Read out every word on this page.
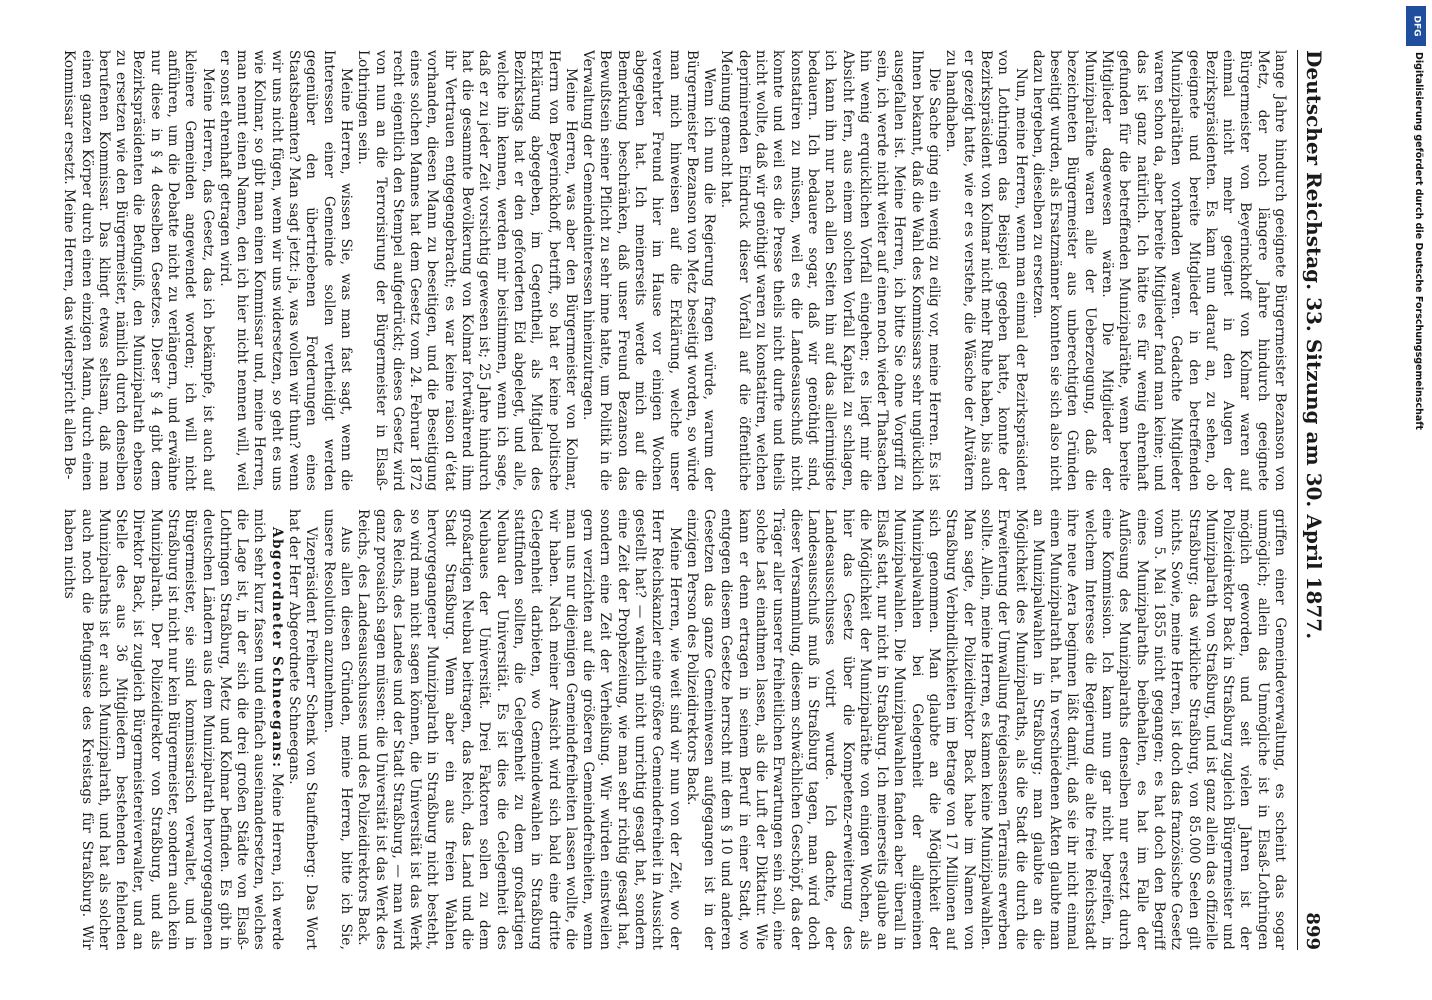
Deutscher Reichstag. 33. Sitzung am 30. April 1877.
899

lange Jahre hindurch geeignete Bürgermeister Bezanson von Metz, der noch längere Jahre hindurch geeignete Bürgermeister von Beyerinckhoff von Kolmar waren auf einmal nicht mehr geeignet in den Augen der Bezirkspräsidenten. Es kam nun darauf an, zu sehen, ob geeignete und bereite Mitglieder in den betreffenden Munizipalräthen vorhanden waren. Gedachte Mitglieder waren schon da, aber bereite Mitglieder fand man keine; und das ist ganz natürlich. Ich hätte es für wenig ehrenhaft gefunden für die betreffenden Munizipalräthe, wenn bereite Mitglieder dagewesen wären. Die Mitglieder der Munizipalräthe waren alle der Ueberzeugung, daß die bezeichneten Bürgermeister aus unberechtigten Gründen beseitigt wurden, als Ersatzmänner konnten sie sich also nicht dazu hergeben, dieselben zu ersetzen.

Nun, meine Herren, wenn man einmal der Bezirkspräsident von Lothringen das Beispiel gegeben hatte, konnte der Bezirkspräsident von Kolmar nicht mehr Ruhe haben, bis auch er gezeigt hatte, wie er es verstehe, die Wäsche der Altvätern zu handhaben.

Die Sache ging ein wenig zu eilig vor, meine Herren. Es ist Ihnen bekannt, daß die Wahl des Kommissars sehr unglücklich ausgefallen ist. Meine Herren, ich bitte Sie ohne Vorgriff zu sein, ich werde nicht weiter auf einen noch wieder Thatsachen hin wenig erquicklichen Vorfall eingehen; es liegt mir die Absicht fern, aus einem solchen Vorfall Kapital zu schlagen, ich kann ihn nur nach allen Seiten hin auf das allerinnigste bedauern. Ich bedauere sogar, daß wir genöthigt sind, konstatiren zu müssen, weil es die Landesausschuß nicht konnte und weil es die Presse theils nicht durfte und theils nicht wollte, daß wir genöthigt waren zu konstatiren, welchen deprimirenden Eindruck dieser Vorfall auf die öffentliche Meinung gemacht hat.

Wenn ich nun die Regierung fragen würde, warum der Bürgermeister Bezanson von Metz beseitigt worden, so würde man mich hinweisen auf die Erklärung, welche unser verehrter Freund hier im Hause vor einigen Wochen abgegeben hat. Ich meinerseits werde mich auf die Bemerkung beschränken, daß unser Freund Bezanson das Bewußtsein seiner Pflicht zu sehr inne hatte, um Politik in die Verwaltung der Gemeindeinteressen hineinzutragen.

Meine Herren, was aber den Bürgermeister von Kolmar, Herrn von Beyerinckhoff, betrifft, so hat er keine politische Erklärung abgegeben, im Gegentheil, als Mitglied des Bezirkstags hat er den geforderten Eid abgelegt, und alle, welche ihn kennen, werden mir beistimmen, wenn ich sage, daß er zu jeder Zeit vorsichtig gewesen ist; 25 Jahre hindurch hat die gesammte Bevölkerung von Kolmar fortwährend ihm ihr Vertrauen entgegengebracht; es war keine raison d'état vorhanden, diesen Mann zu beseitigen, und die Beseitigung eines solchen Mannes hat dem Gesetz vom 24. Februar 1872 recht eigentlich den Stempel aufgedrückt; dieses Gesetz wird von nun an die Terrorisirung der Bürgermeister in Elsaß-Lothringen sein.

Meine Herren, wissen Sie, was man fast sagt, wenn die Interessen einer Gemeinde sollen vertheidigt werden gegenüber den übertriebenen Forderungen eines Staatsbeamten? Man sagt jetzt: ja, was wollen wir thun? wenn wir uns nicht fügen, wenn wir uns widersetzen, so geht es uns wie Kolmar, so gibt man einen Kommissar und, meine Herren, man nennt einen Namen, den ich hier nicht nennen will, weil er sonst ehrenhaft getragen wird.

Meine Herren, das Gesetz, das ich bekämpfe, ist auch auf kleinere Gemeinden angewendet worden; ich will nicht anführen, um die Debatte nicht zu verlängern, und erwähne nur diese in § 4 desselben Gesetzes. Dieser § 4 gibt dem Bezirkspräsidenten die Befugniß, den Munizipalrath ebenso zu ersetzen wie den Bürgermeister, nämlich durch denselben berufenen Kommissar. Das klingt etwas seltsam, daß man einen ganzen Körper durch einen einzigen Mann, durch einen Kommissar ersetzt. Meine Herren, das widerspricht allen Be-

griffen einer Gemeindeverwaltung, es scheint das sogar unmöglich; allein das Unmögliche ist in Elsaß-Lothringen möglich geworden, und seit vielen Jahren ist der Polizeidirektor Back in Straßburg zugleich Bürgermeister und Munizipalrath von Straßburg, und ist ganz allein das offizielle Straßburg; das wirkliche Straßburg, von 85.000 Seelen gilt nichts. Sowie, meine Herren, ist doch das französische Gesetz vom 5. Mai 1855 nicht gegangen; es hat doch den Begriff eines Munizipalraths beibehalten, es hat im Falle der Auflösung des Munizipalraths denselben nur ersetzt durch eine Kommission. Ich kann nun gar nicht begreifen, in welchem Interesse die Regierung die alte freie Reichsstadt ihre neue Aera beginnen läßt damit, daß sie ihr nicht einmal einen Munizipalrath hat. In verschiedenen Akten glaubte man an Munizipalwahlen in Straßburg; man glaubte an die Möglichkeit des Munizipalraths, als die Stadt die durch die Erweiterung der Umwallung freigelassenen Terrains erwerben sollte. Allein, meine Herren, es kamen keine Munizipalwahlen. Man sagte, der Polizeidirektor Back habe im Namen von Straßburg Verbindlichkeiten im Betrage von 17 Millionen auf sich genommen. Man glaubte an die Möglichkeit der Munizipalwahlen bei Gelegenheit der allgemeinen Munizipalwahlen. Die Munizipalwahlen fanden aber überall in Elsaß statt, nur nicht in Straßburg. Ich meinerseits glaube an die Möglichkeit der Munizipalräthe von einigen Wochen, als hier das Gesetz über die Kompetenz-erweiterung des Landesausschusses votirt wurde. Ich dachte, der Landesausschuß muß in Straßburg tagen, man wird doch dieser Versammlung, diesem schwächlichen Geschöpf, das der Träger aller unserer freiheitlichen Erwartungen sein soll, eine solche Last einathmen lassen, als die Luft der Diktatur. Wie kann er denn ertragen in seinem Beruf in einer Stadt, wo entgegen diesem Gesetze herrscht mit dem § 10 und anderen Gesetzen das ganze Gemeinwesen aufgegangen ist in der einzigen Person des Polizeidirektors Back.

Meine Herren, wie weit sind wir nun von der Zeit, wo der Herr Reichskanzler eine größere Gemeindefreiheit in Aussicht gestellt hat? — wahrlich nicht unrichtig gesagt hat, sondern eine Zeit der Prophezeiung, wie man sehr richtig gesagt hat, sondern eine Zeit der Verheißung. Wir würden einstweilen gern verzichten auf die größeren Gemeindefreiheiten, wenn man uns nur diejenigen Gemeindefreiheiten lassen wollte, die wir haben. Nach meiner Ansicht wird sich bald eine dritte Gelegenheit darbieten, wo Gemeindewahlen in Straßburg stattfinden sollten, die Gelegenheit zu dem großartigen Neubau der Universität. Es ist dies die Gelegenheit des Neubaues der Universität. Drei Faktoren sollen zu dem großartigen Neubau beitragen, das Reich, das Land und die Stadt Straßburg. Wenn aber ein aus freien Wahlen hervorgegangener Munizipalrath in Straßburg nicht besteht, so wird man nicht sagen können, die Universität ist das Werk des Reichs, des Landes und der Stadt Straßburg, — man wird ganz prosaisch sagen müssen: die Universität ist das Werk des Reichs, des Landesausschusses und des Polizeidirektors Back.

Aus allen diesen Gründen, meine Herren, bitte ich Sie, unsere Resolution anzunehmen.

Vizepräsident Freiherr Schenk von Stauffenberg: Das Wort hat der Herr Abgeordnete Schneegans.

Abgeordneter Schneegans: Meine Herren, ich werde mich sehr kurz fassen und einfach auseinandersetzen, welches die Lage ist, in der sich die drei großen Städte von Elsaß-Lothringen Straßburg, Metz und Kolmar befinden. Es gibt in deutschen Ländern aus dem Munizipalrath hervorgegangenen Bürgermeister, sie sind kommissarisch verwaltet, und in Straßburg ist nicht nur kein Bürgermeister, sondern auch kein Munizipalrath. Der Polizeidirektor von Straßburg, und als Direktor Back, ist zugleich Bürgermeistereiverwalter, und an Stelle des aus 36 Mitgliedern bestehenden fehlenden Munizipalraths ist er auch Munizipalrath, und hat als solcher auch noch die Befugnisse des Kreistags für Straßburg. Wir haben nichts

DFG
Digitalisierung gefördert durch die Deutsche Forschungsgemeinschaft
